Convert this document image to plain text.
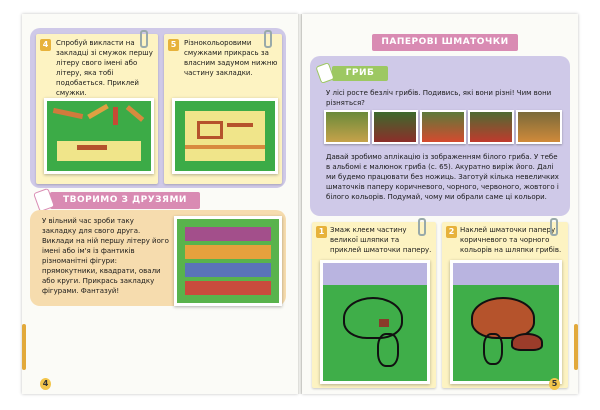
4	Спробуй викласти на закладці зі смужок першу літеру свого імені або літеру, яка тобі подобається. Приклей смужки.
5	Різнокольоровими смужками прикрась за власним задумом нижню частину закладки.
ТВОРИМО З ДРУЗЯМИ
У вільний час зроби таку закладку для свого друга. Виклади на ній першу літеру його імені або ім'я із фантиків різноманітні фігури: прямокутники, квадрати, овали або круги. Прикрась закладку фігурами. Фантазуй!
4
ПАПЕРОВІ ШМАТОЧКИ
ГРИБ
У лісі росте безліч грибів. Подивись, які вони різні! Чим вони різняться?
Давай зробимо аплікацію із зображенням білого гриба. У тебе в альбомі є малюнок гриба (с. 65). Акуратно виріж його. Далі ми будемо працювати без ножиць. Заготуй кілька невеличких шматочків паперу коричневого, чорного, червоного, жовтого і білого кольорів. Подумай, чому ми обрали саме ці кольори.
1 Змаж клеєм частину великої шляпки та приклей шматочки паперу.
2 Наклей шматочки паперу коричневого та чорного кольорів на шляпки грибів.
5
